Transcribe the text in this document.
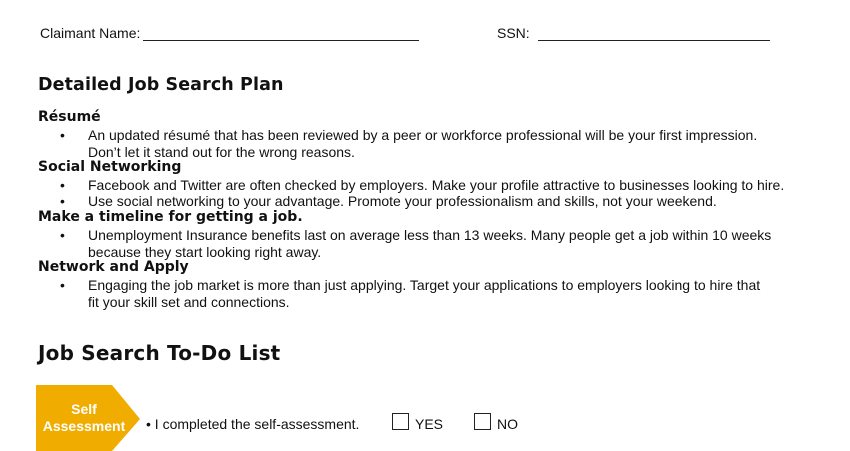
Claimant Name:	SSN:
Detailed Job Search Plan
Résumé
• An updated résumé that has been reviewed by a peer or workforce professional will be your first impression. Don’t let it stand out for the wrong reasons.
Social Networking
• Facebook and Twitter are often checked by employers. Make your profile attractive to businesses looking to hire.
• Use social networking to your advantage. Promote your professionalism and skills, not your weekend.
Make a timeline for getting a job.
• Unemployment Insurance benefits last on average less than 13 weeks. Many people get a job within 10 weeks because they start looking right away.
Network and Apply
• Engaging the job market is more than just applying. Target your applications to employers looking to hire that fit your skill set and connections.
Job Search To-Do List
Self
Assessment	• I completed the self-assessment.	YES	NO
